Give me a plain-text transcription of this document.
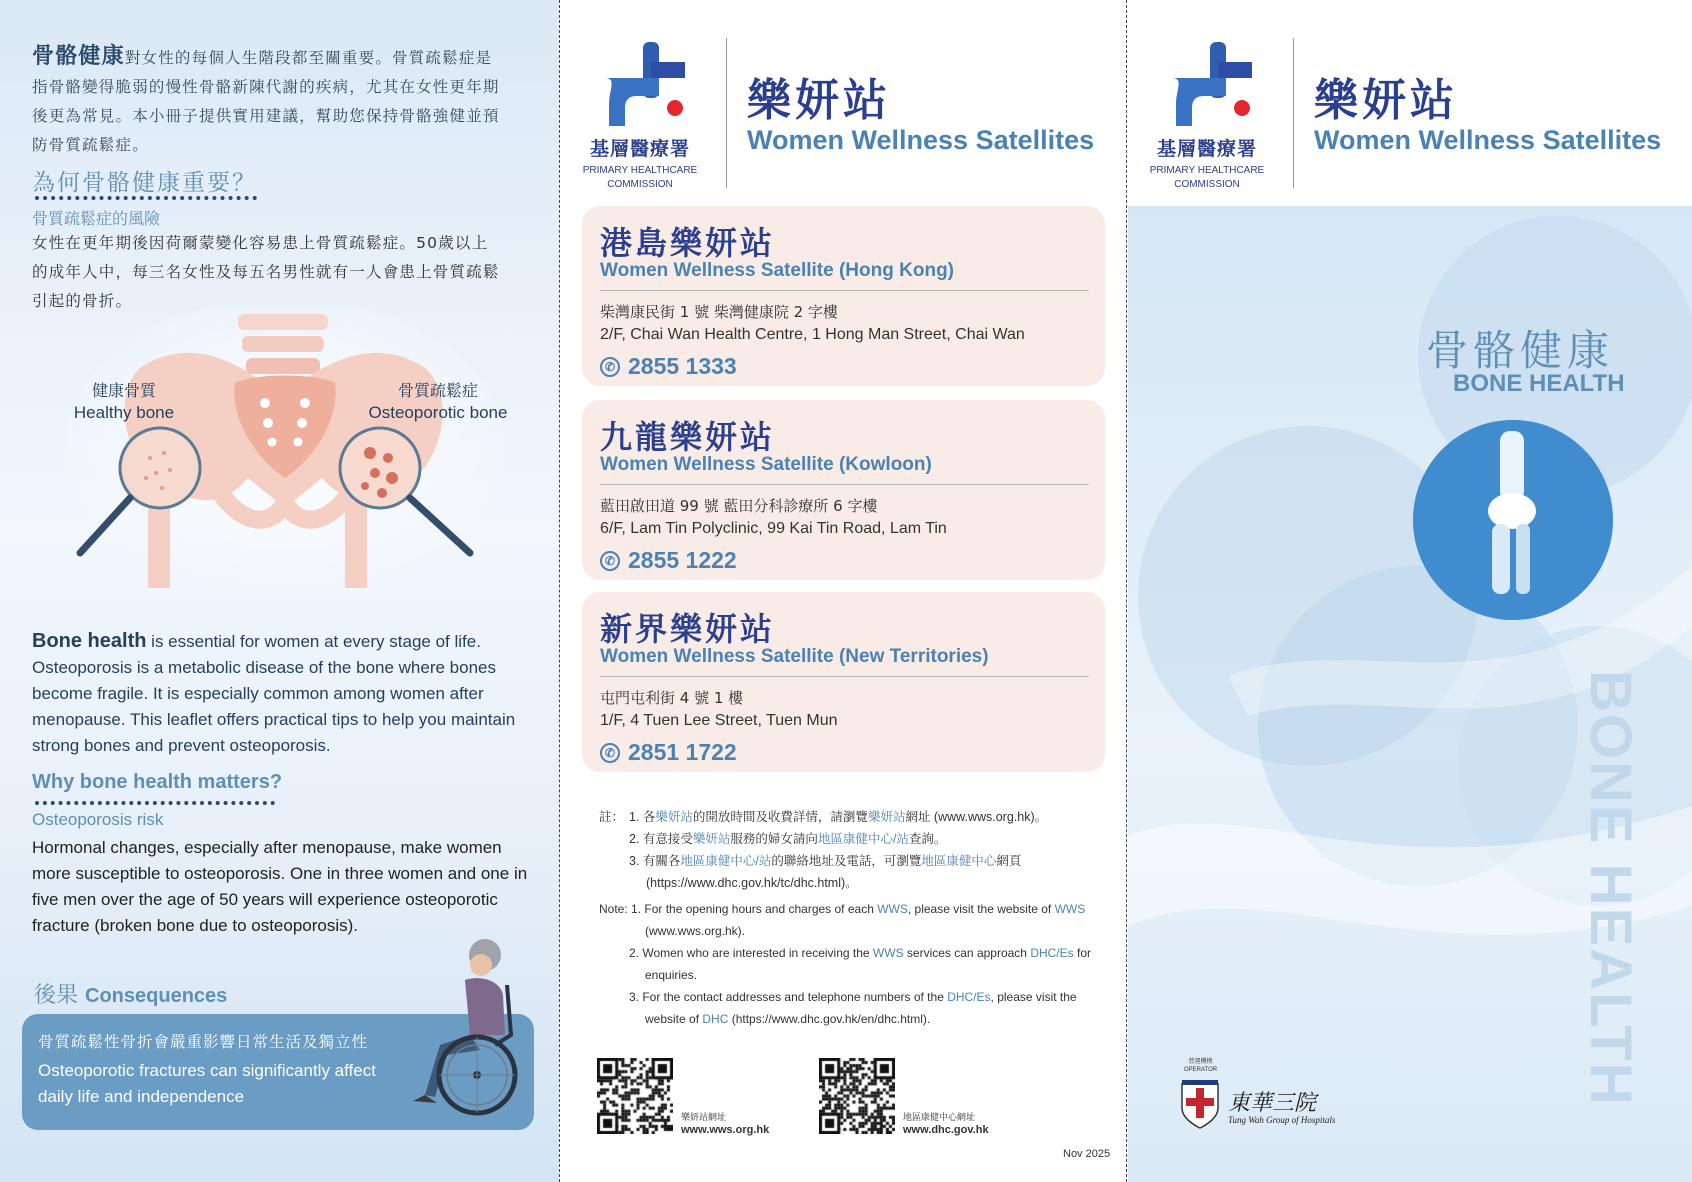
骨骼健康對女性的每個人生階段都至關重要。骨質疏鬆症是
指骨骼變得脆弱的慢性骨骼新陳代謝的疾病，尤其在女性更年期
後更為常見。本小冊子提供實用建議，幫助您保持骨骼強健並預
防骨質疏鬆症。
為何骨骼健康重要？
骨質疏鬆症的風險
女性在更年期後因荷爾蒙變化容易患上骨質疏鬆症。50歲以上
的成年人中，每三名女性及每五名男性就有一人會患上骨質疏鬆
引起的骨折。
健康骨質
Healthy bone
骨質疏鬆症
Osteoporotic bone
Bone health is essential for women at every stage of life.
Osteoporosis is a metabolic disease of the bone where bones
become fragile. It is especially common among women after
menopause. This leaflet offers practical tips to help you maintain
strong bones and prevent osteoporosis.
Why bone health matters?
Osteoporosis risk
Hormonal changes, especially after menopause, make women
more susceptible to osteoporosis. One in three women and one in
five men over the age of 50 years will experience osteoporotic
fracture (broken bone due to osteoporosis).
後果 Consequences
骨質疏鬆性骨折會嚴重影響日常生活及獨立性
Osteoporotic fractures can significantly affect
daily life and independence
基層醫療署
PRIMARY HEALTHCARE
COMMISSION
樂妍站
Women Wellness Satellites
港島樂妍站
Women Wellness Satellite (Hong Kong)
柴灣康民街 1 號 柴灣健康院 2 字樓
2/F, Chai Wan Health Centre, 1 Hong Man Street, Chai Wan
✆ 2855 1333
九龍樂妍站
Women Wellness Satellite (Kowloon)
藍田啟田道 99 號 藍田分科診療所 6 字樓
6/F, Lam Tin Polyclinic, 99 Kai Tin Road, Lam Tin
✆ 2855 1222
新界樂妍站
Women Wellness Satellite (New Territories)
屯門屯利街 4 號 1 樓
1/F, 4 Tuen Lee Street, Tuen Mun
✆ 2851 1722
註： 1. 各樂妍站的開放時間及收費詳情，請瀏覽樂妍站網址 (www.wws.org.hk)。
2. 有意接受樂妍站服務的婦女請向地區康健中心/站查詢。
3. 有關各地區康健中心/站的聯絡地址及電話，可瀏覽地區康健中心網頁
(https://www.dhc.gov.hk/tc/dhc.html)。
Note: 1. For the opening hours and charges of each WWS, please visit the website of WWS
(www.wws.org.hk).
2. Women who are interested in receiving the WWS services can approach DHC/Es for
enquiries.
3. For the contact addresses and telephone numbers of the DHC/Es, please visit the
website of DHC (https://www.dhc.gov.hk/en/dhc.html).
樂妍站網址
www.wws.org.hk
地區康健中心網址
www.dhc.gov.hk
Nov 2025
基層醫療署
PRIMARY HEALTHCARE
COMMISSION
樂妍站
Women Wellness Satellites
骨骼健康
BONE HEALTH
BONE HEALTH
營運機構
OPERATOR
東華三院
Tung Wah Group of Hospitals
